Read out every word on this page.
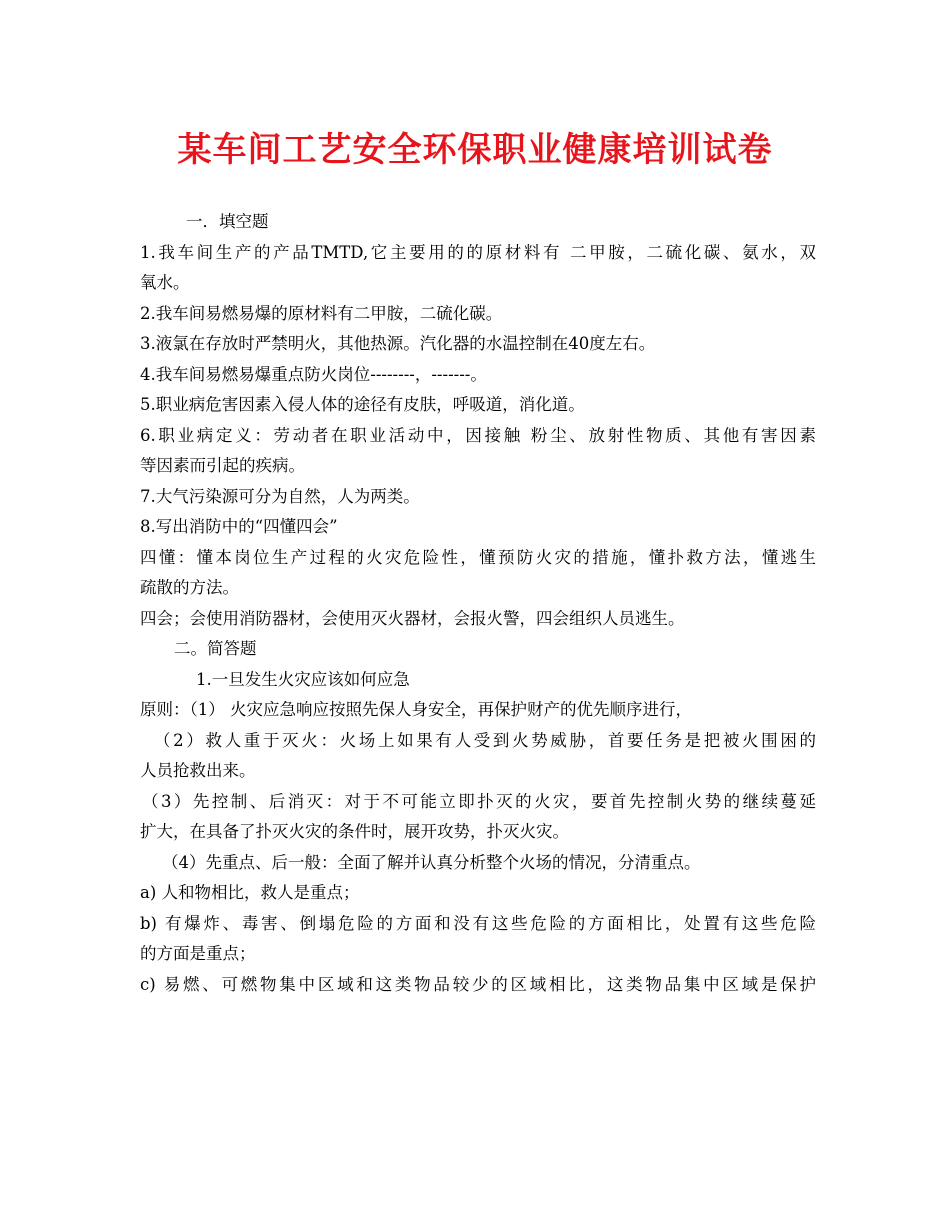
某车间工艺安全环保职业健康培训试卷
一．填空题
1.我车间生产的产品TMTD,它主要用的的原材料有 二甲胺，二硫化碳、氨水，双
氧水。
2.我车间易燃易爆的原材料有二甲胺，二硫化碳。
3.液氯在存放时严禁明火，其他热源。汽化器的水温控制在40度左右。
4.我车间易燃易爆重点防火岗位--------，-------。
5.职业病危害因素入侵人体的途径有皮肤，呼吸道，消化道。
6.职业病定义：劳动者在职业活动中，因接触 粉尘、放射性物质、其他有害因素
等因素而引起的疾病。
7.大气污染源可分为自然，人为两类。
8.写出消防中的“四懂四会”
四懂：懂本岗位生产过程的火灾危险性，懂预防火灾的措施，懂扑救方法，懂逃生
疏散的方法。
四会；会使用消防器材，会使用灭火器材，会报火警，四会组织人员逃生。
二。简答题
1.一旦发生火灾应该如何应急
原则：（1） 火灾应急响应按照先保人身安全，再保护财产的优先顺序进行，
（2）救人重于灭火：火场上如果有人受到火势威胁，首要任务是把被火围困的
人员抢救出来。
（3）先控制、后消灭：对于不可能立即扑灭的火灾，要首先控制火势的继续蔓延
扩大，在具备了扑灭火灾的条件时，展开攻势，扑灭火灾。
（4）先重点、后一般：全面了解并认真分析整个火场的情况，分清重点。
a) 人和物相比，救人是重点；
b) 有爆炸、毒害、倒塌危险的方面和没有这些危险的方面相比，处置有这些危险
的方面是重点；
c) 易燃、可燃物集中区域和这类物品较少的区域相比，这类物品集中区域是保护
